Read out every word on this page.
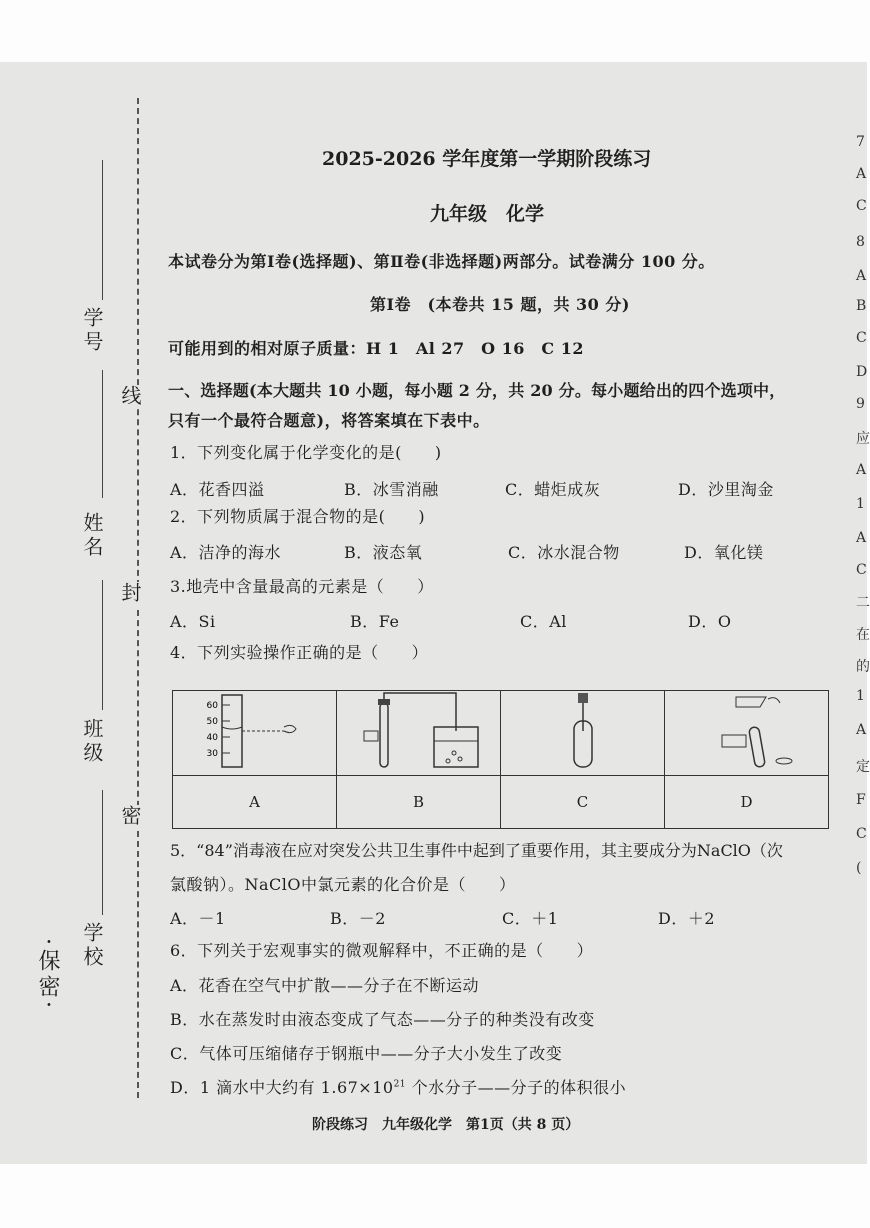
·保密· 学校
班级
姓名
学号
密
封
线
2025-2026 学年度第一学期阶段练习
九年级　化学
本试卷分为第Ⅰ卷(选择题)、第Ⅱ卷(非选择题)两部分。试卷满分 100 分。
第Ⅰ卷　(本卷共 15 题，共 30 分)
可能用到的相对原子质量：H 1　Al 27　O 16　C 12
一、选择题(本大题共 10 小题，每小题 2 分，共 20 分。每小题给出的四个选项中，
只有一个最符合题意)，将答案填在下表中。
1．下列变化属于化学变化的是(　　)
A．花香四溢	B．冰雪消融	C．蜡炬成灰	D．沙里淘金
2．下列物质属于混合物的是(　　)
A．洁净的海水	B．液态氧	C．冰水混合物	D．氧化镁
3.地壳中含量最高的元素是（　　）
A．Si	B．Fe	C．Al	D．O
4．下列实验操作正确的是（　　）
60
50
40
30

A	B	C	D
5．“84”消毒液在应对突发公共卫生事件中起到了重要作用，其主要成分为NaClO（次
氯酸钠）。NaClO中氯元素的化合价是（　　）
A．－1	B．－2	C．＋1	D．＋2
6．下列关于宏观事实的微观解释中，不正确的是（　　）
A．花香在空气中扩散——分子在不断运动
B．水在蒸发时由液态变成了气态——分子的种类没有改变
C．气体可压缩储存于钢瓶中——分子大小发生了改变
D．1 滴水中大约有 $1.67\times 10^{21}$ 个水分子——分子的体积很小
阶段练习　九年级化学　第1页（共 8 页）
7
A
C
8
A
B
C
D
9
应
A
1
A
C
二
在
的
1
A
定
F
C
(
